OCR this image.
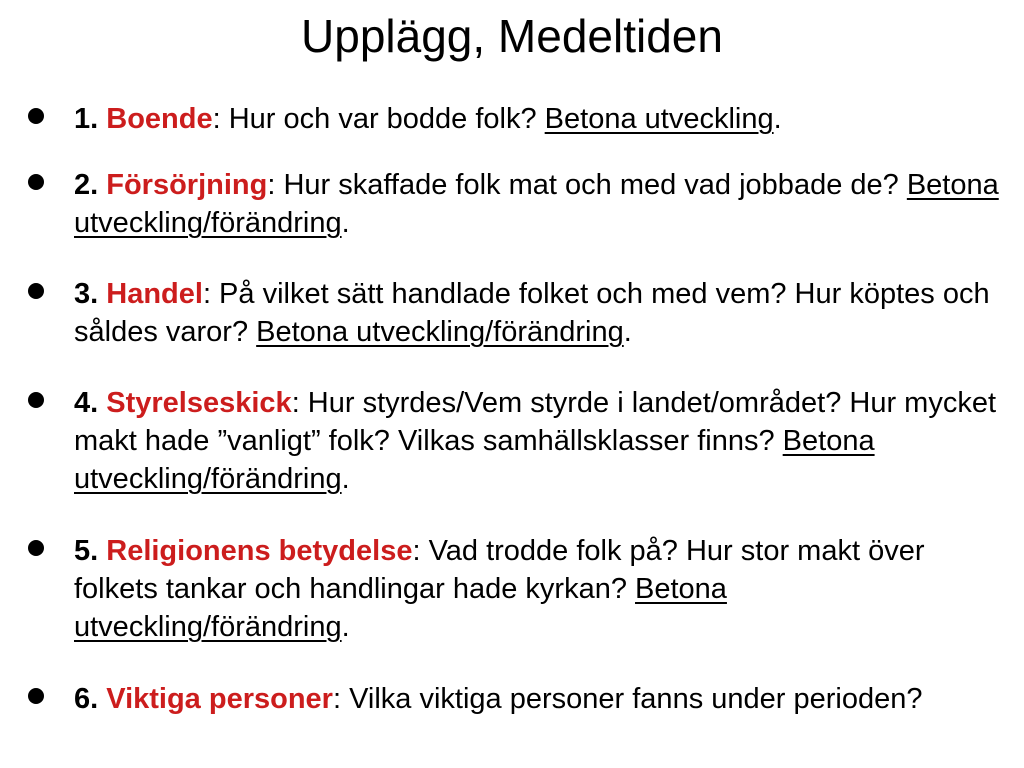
Upplägg, Medeltiden

1. Boende: Hur och var bodde folk? Betona utveckling.

2. Försörjning: Hur skaffade folk mat och med vad jobbade de? Betona utveckling/förändring.

3. Handel: På vilket sätt handlade folket och med vem? Hur köptes och såldes varor? Betona utveckling/förändring.

4. Styrelseskick: Hur styrdes/Vem styrde i landet/området? Hur mycket makt hade ”vanligt” folk? Vilkas samhällsklasser finns? Betona utveckling/förändring.

5. Religionens betydelse: Vad trodde folk på? Hur stor makt över folkets tankar och handlingar hade kyrkan? Betona utveckling/förändring.

6. Viktiga personer: Vilka viktiga personer fanns under perioden?
